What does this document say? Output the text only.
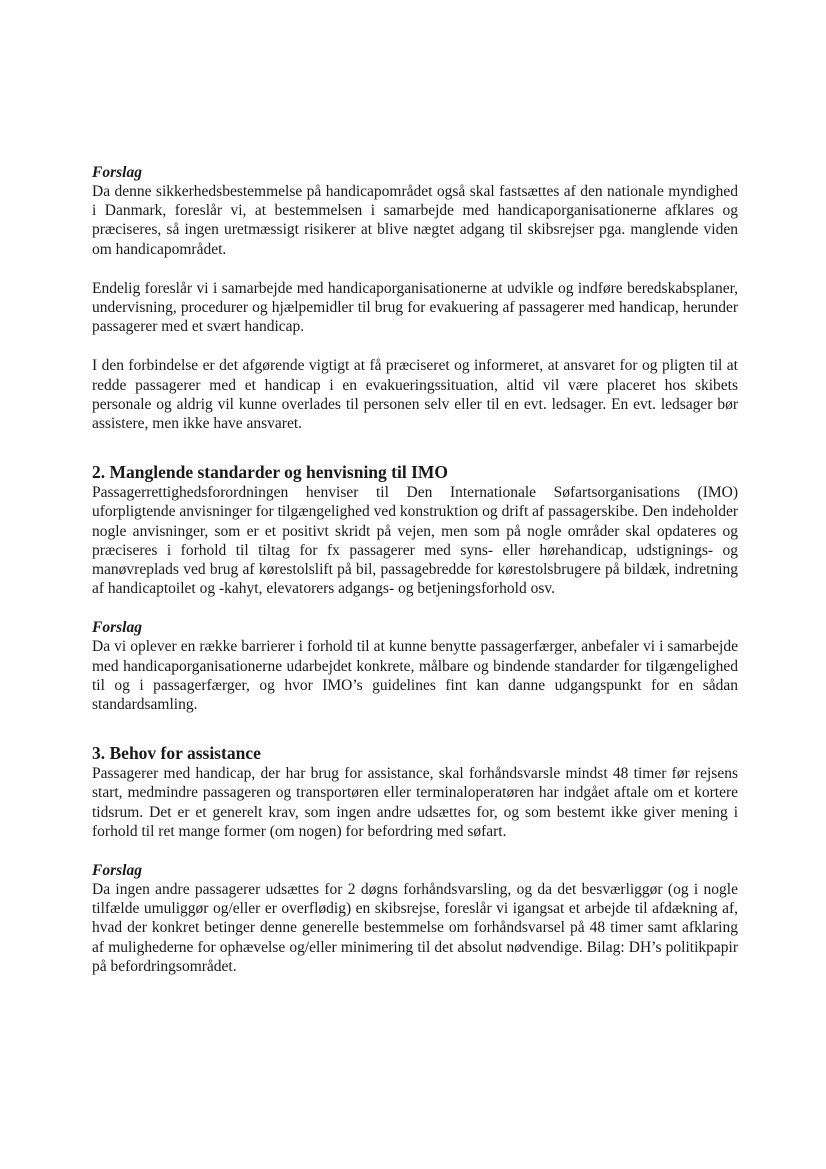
Forslag

Da denne sikkerhedsbestemmelse på handicapområdet også skal fastsættes af den nationale myndighed i Danmark, foreslår vi, at bestemmelsen i samarbejde med handicaporganisationerne afklares og præciseres, så ingen uretmæssigt risikerer at blive nægtet adgang til skibsrejser pga. manglende viden om handicapområdet.

Endelig foreslår vi i samarbejde med handicaporganisationerne at udvikle og indføre beredskabsplaner, undervisning, procedurer og hjælpemidler til brug for evakuering af passagerer med handicap, herunder passagerer med et svært handicap.

I den forbindelse er det afgørende vigtigt at få præciseret og informeret, at ansvaret for og pligten til at redde passagerer med et handicap i en evakueringssituation, altid vil være placeret hos skibets personale og aldrig vil kunne overlades til personen selv eller til en evt. ledsager. En evt. ledsager bør assistere, men ikke have ansvaret.

2. Manglende standarder og henvisning til IMO

Passagerrettighedsforordningen henviser til Den Internationale Søfartsorganisations (IMO) uforpligtende anvisninger for tilgængelighed ved konstruktion og drift af passagerskibe. Den indeholder nogle anvisninger, som er et positivt skridt på vejen, men som på nogle områder skal opdateres og præciseres i forhold til tiltag for fx passagerer med syns- eller hørehandicap, udstignings- og manøvreplads ved brug af kørestolslift på bil, passagebredde for kørestolsbrugere på bildæk, indretning af handicaptoilet og -kahyt, elevatorers adgangs- og betjeningsforhold osv.

Forslag

Da vi oplever en række barrierer i forhold til at kunne benytte passagerfærger, anbefaler vi i samarbejde med handicaporganisationerne udarbejdet konkrete, målbare og bindende standarder for tilgængelighed til og i passagerfærger, og hvor IMO’s guidelines fint kan danne udgangspunkt for en sådan standardsamling.

3. Behov for assistance

Passagerer med handicap, der har brug for assistance, skal forhåndsvarsle mindst 48 timer før rejsens start, medmindre passageren og transportøren eller terminaloperatøren har indgået aftale om et kortere tidsrum. Det er et generelt krav, som ingen andre udsættes for, og som bestemt ikke giver mening i forhold til ret mange former (om nogen) for befordring med søfart.

Forslag

Da ingen andre passagerer udsættes for 2 døgns forhåndsvarsling, og da det besværliggør (og i nogle tilfælde umuliggør og/eller er overflødig) en skibsrejse, foreslår vi igangsat et arbejde til afdækning af, hvad der konkret betinger denne generelle bestemmelse om forhåndsvarsel på 48 timer samt afklaring af mulighederne for ophævelse og/eller minimering til det absolut nødvendige. Bilag: DH’s politikpapir på befordringsområdet.
